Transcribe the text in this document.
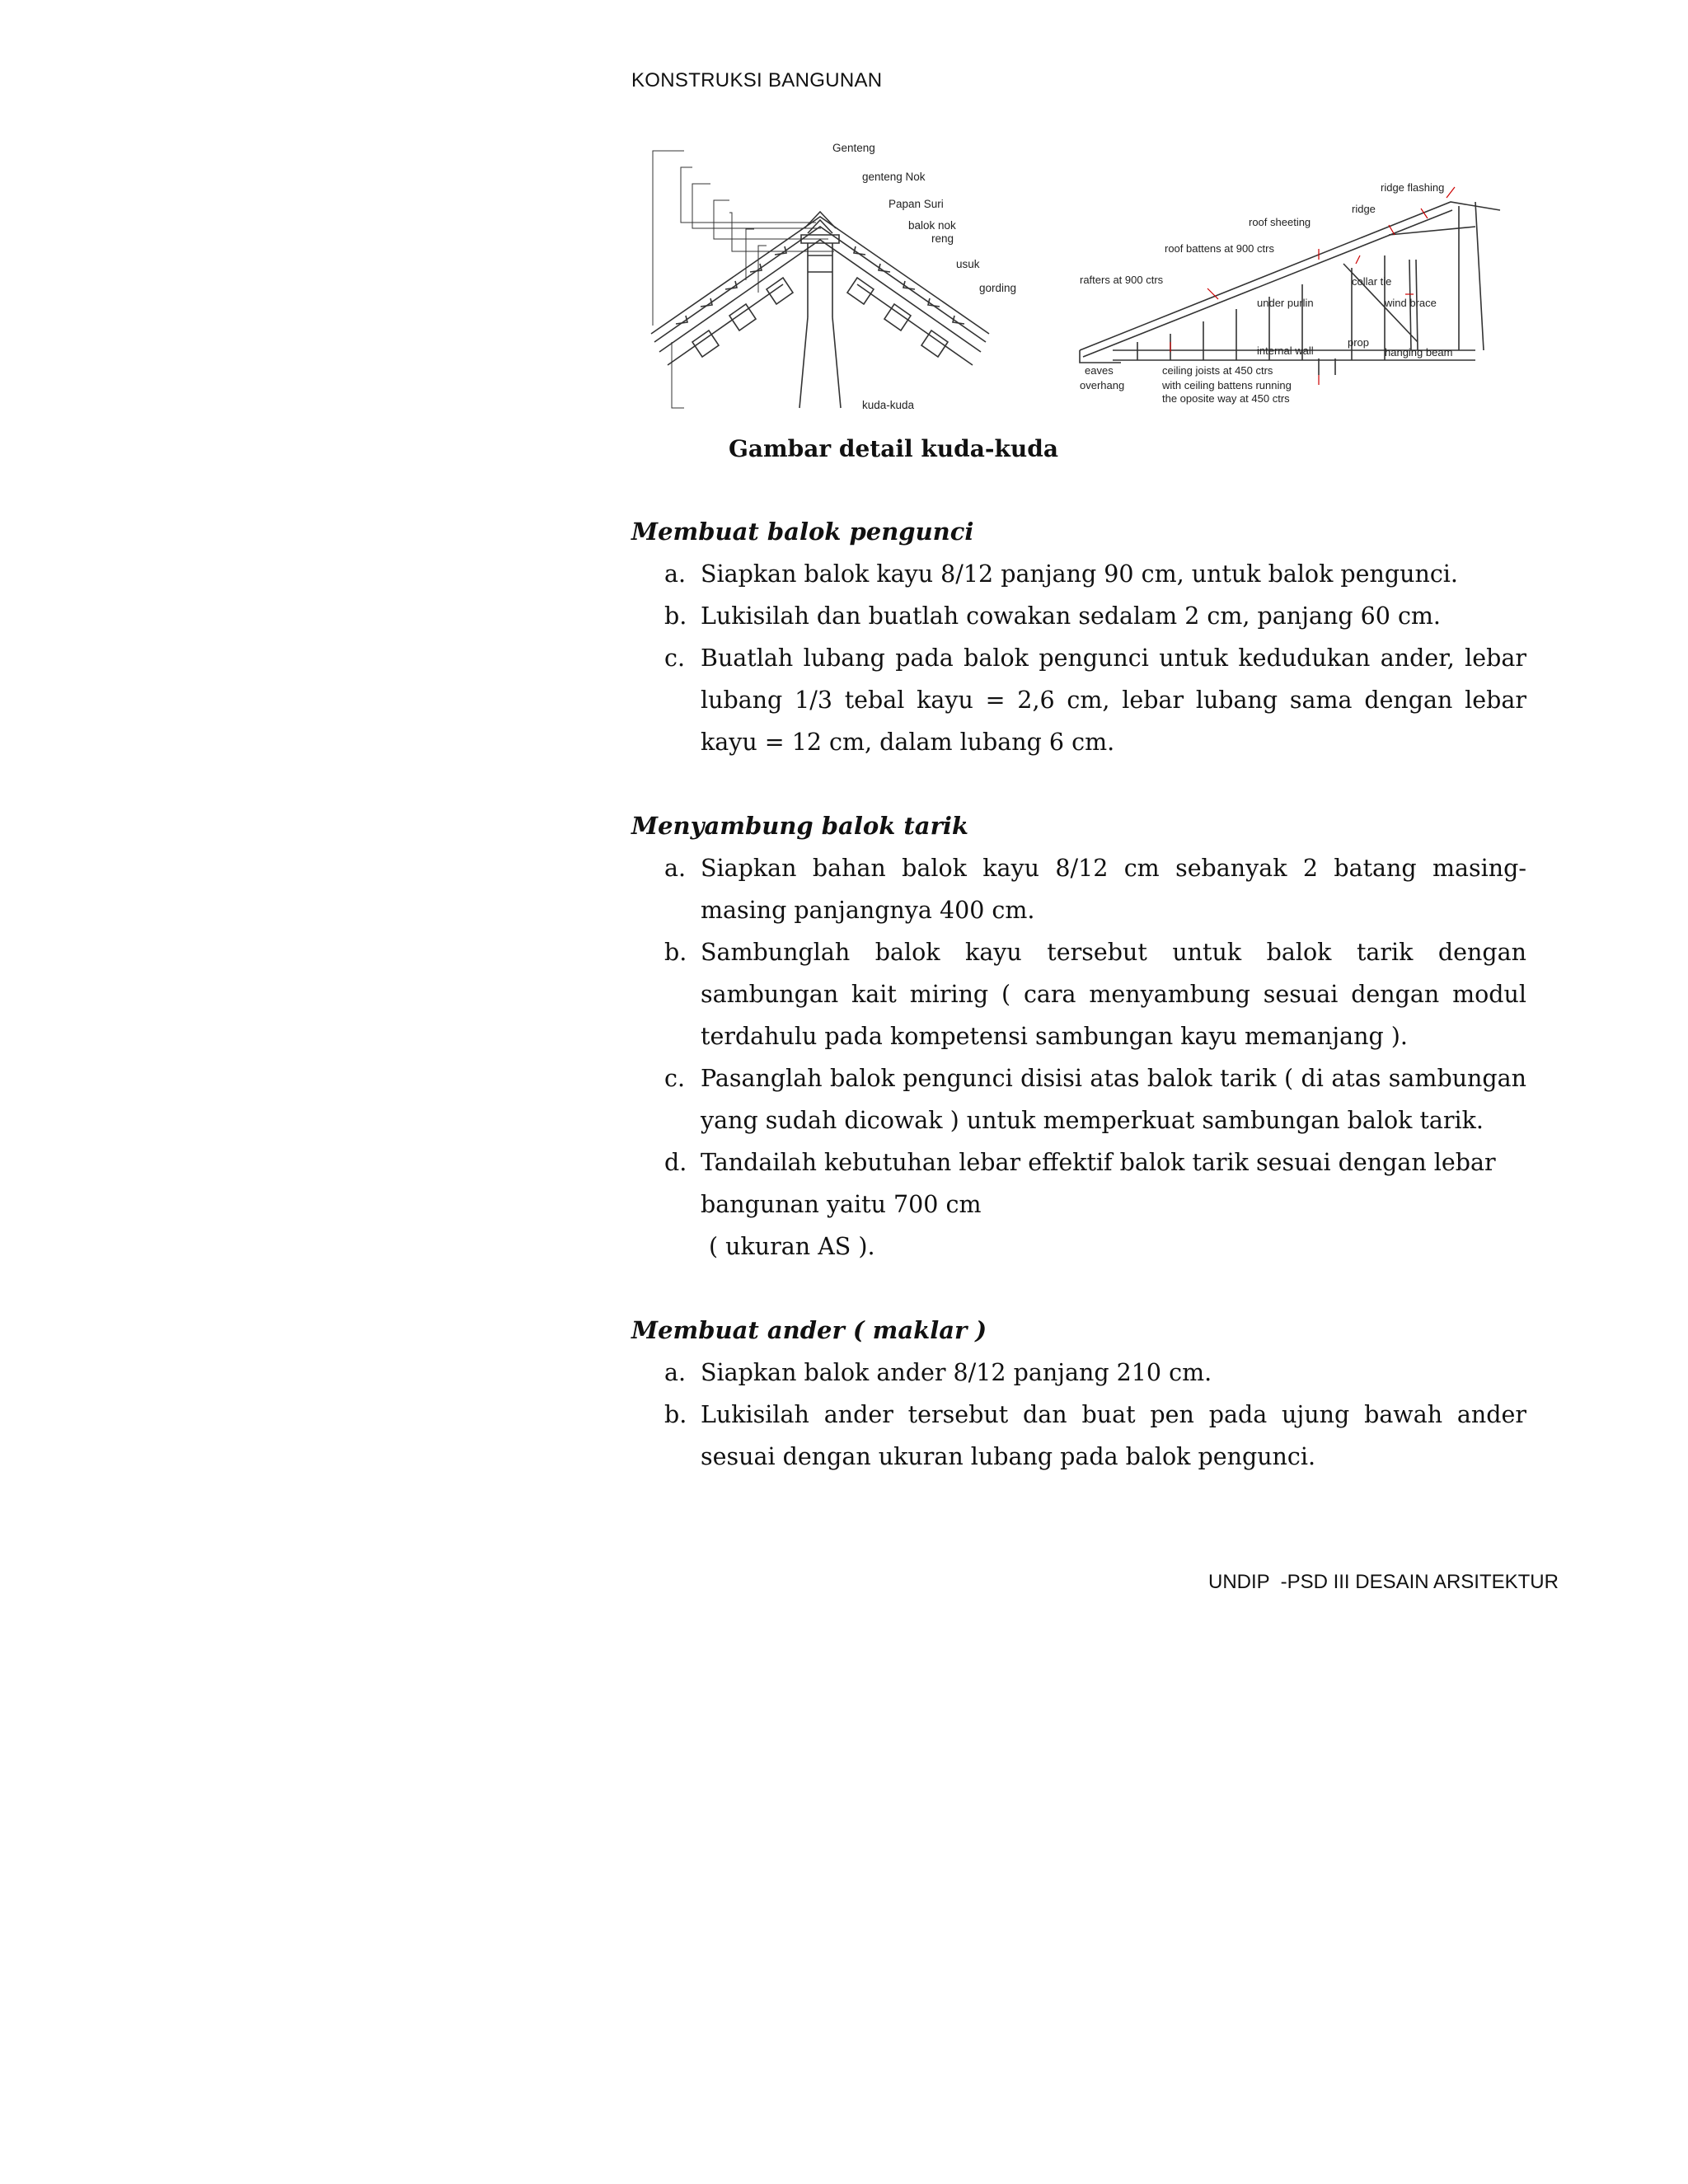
KONSTRUKSI BANGUNAN
Genteng
genteng Nok
Papan Suri
balok nok
reng
usuk
gording
kuda-kuda
ridge flashing
ridge
roof sheeting
roof battens at 900 ctrs
rafters at 900 ctrs	collar tie
wind brace
under purlin
prop
internal wall	hanging beam
eaves
overhang
ceiling joists at 450 ctrs
with ceiling battens running
the oposite way at 450 ctrs
Gambar detail kuda-kuda
Membuat balok pengunci
a. Siapkan balok kayu 8/12 panjang 90 cm, untuk balok pengunci.
b. Lukisilah dan buatlah cowakan sedalam 2 cm, panjang 60 cm.
c. Buatlah lubang pada balok pengunci untuk kedudukan ander, lebar lubang 1/3 tebal kayu = 2,6 cm, lebar lubang sama dengan lebar kayu = 12 cm, dalam lubang 6 cm.
Menyambung balok tarik
a. Siapkan bahan balok kayu 8/12 cm sebanyak 2 batang masing-masing panjangnya 400 cm.
b. Sambunglah balok kayu tersebut untuk balok tarik dengan sambungan kait miring ( cara menyambung sesuai dengan modul terdahulu pada kompetensi sambungan kayu memanjang ).
c. Pasanglah balok pengunci disisi atas balok tarik ( di atas sambungan yang sudah dicowak ) untuk memperkuat sambungan balok tarik.
d. Tandailah kebutuhan lebar effektif balok tarik sesuai dengan lebar bangunan yaitu 700 cm
( ukuran AS ).
Membuat ander ( maklar )
a. Siapkan balok ander 8/12 panjang 210 cm.
b. Lukisilah ander tersebut dan buat pen pada ujung bawah ander sesuai dengan ukuran lubang pada balok pengunci.
UNDIP  -PSD III DESAIN ARSITEKTUR
